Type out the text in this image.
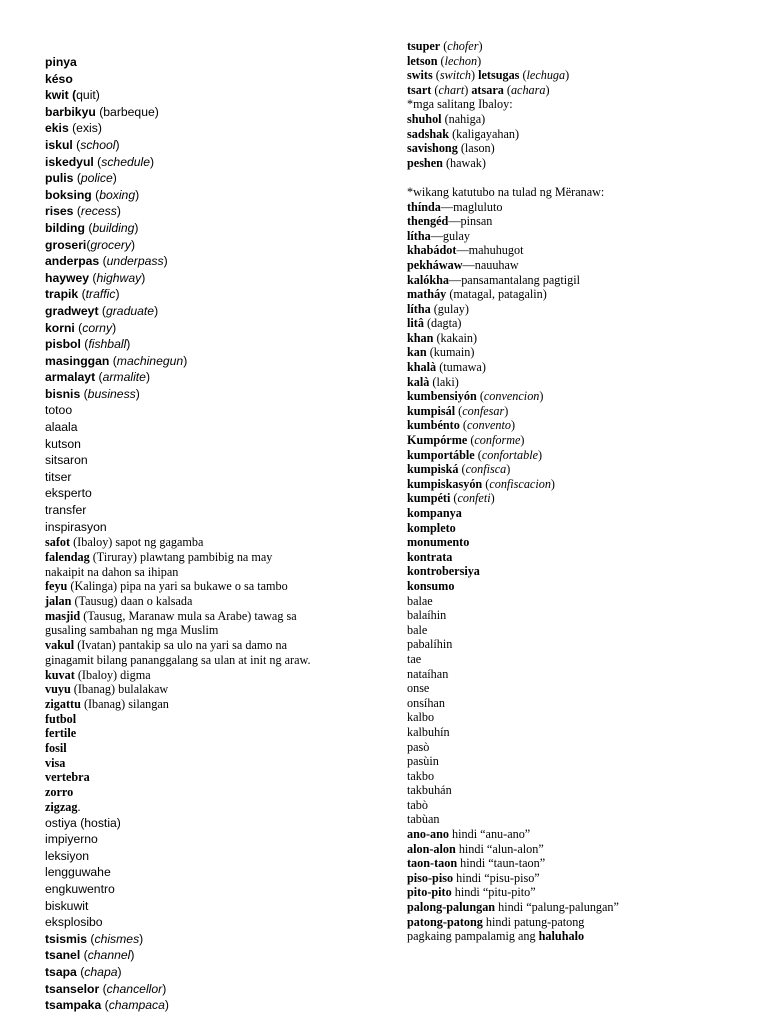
pinya
késo
kwit (quit)
barbikyu (barbeque)
ekis (exis)
iskul (school)
iskedyul (schedule)
pulis (police)
boksing (boxing)
rises (recess)
bilding (building)
groseri(grocery)
anderpas (underpass)
haywey (highway)
trapik (traffic)
gradweyt (graduate)
korni (corny)
pisbol (fishball)
masinggan (machinegun)
armalayt (armalite)
bisnis (business)
totoo
alaala
kutson
sitsaron
titser
eksperto
transfer
inspirasyon
safot (Ibaloy) sapot ng gagamba
falendag (Tiruray) plawtang pambibig na may
nakaipit na dahon sa ihipan
feyu (Kalinga) pipa na yari sa bukawe o sa tambo
jalan (Tausug) daan o kalsada
masjid (Tausug, Maranaw mula sa Arabe) tawag sa
gusaling sambahan ng mga Muslim
vakul (Ivatan) pantakip sa ulo na yari sa damo na
ginagamit bilang pananggalang sa ulan at init ng araw.
kuvat (Ibaloy) digma
vuyu (Ibanag) bulalakaw
zigattu (Ibanag) silangan
futbol
fertile
fosil
visa
vertebra
zorro
zigzag.
ostiya (hostia)
impiyerno
leksiyon
lengguwahe
engkuwentro
biskuwit
eksplosibo
tsismis (chismes)
tsanel (channel)
tsapa (chapa)
tsanselor (chancellor)
tsampaka (champaca)
tsuper (chofer)
letson (lechon)
swits (switch) letsugas (lechuga)
tsart (chart) atsara (achara)
*mga salitang Ibaloy:
shuhol (nahiga)
sadshak (kaligayahan)
savishong (lason)
peshen (hawak)
*wikang katutubo na tulad ng Mëranaw:
thínda—magluluto
thengéd—pinsan
lítha—gulay
khabádot—mahuhugot
pekháwaw—nauuhaw
kalókha—pansamantalang pagtigil
matháy (matagal, patagalin)
lítha (gulay)
litâ (dagta)
khan (kakain)
kan (kumain)
khalà (tumawa)
kalà (laki)
kumbensiyón (convencion)
kumpisál (confesar)
kumbénto (convento)
Kumpórme (conforme)
kumportáble (confortable)
kumpiská (confisca)
kumpiskasyón (confiscacion)
kumpéti (confeti)
kompanya
kompleto
monumento
kontrata
kontrobersiya
konsumo
balae
balaíhin
bale
pabalíhin
tae
nataíhan
onse
onsíhan
kalbo
kalbuhín
pasò
pasùin
takbo
takbuhán
tabò
tabùan
ano-ano hindi “anu-ano”
alon-alon hindi “alun-alon”
taon-taon hindi “taun-taon”
piso-piso hindi “pisu-piso”
pito-pito hindi “pitu-pito”
palong-palungan hindi “palung-palungan”
patong-patong hindi patung-patong
pagkaing pampalamig ang haluhalo
